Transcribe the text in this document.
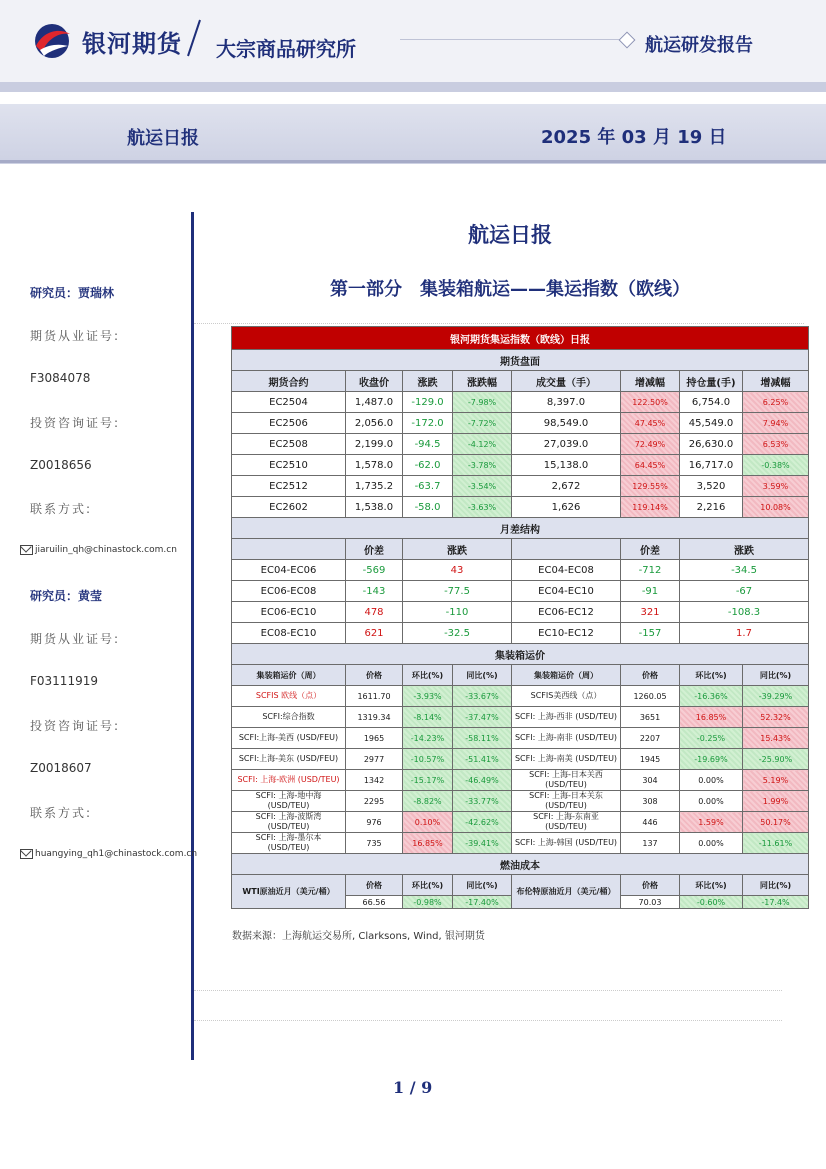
银河期货 大宗商品研究所	航运研发报告
航运日报	2025 年 03 月 19 日
研究员：贾瑞林
期货从业证号:
F3084078
投资咨询证号:
Z0018656
联系方式:
jiaruilin_qh@chinastock.com.cn
研究员：黄莹
期货从业证号:
F03111919
投资咨询证号:
Z0018607
联系方式:
huangying_qh1@chinastock.com.cn
航运日报
第一部分　集装箱航运——集运指数（欧线）
银河期货集运指数（欧线）日报							
期货盘面							
期货合约	收盘价	涨跌	涨跌幅	成交量（手）	增减幅	持仓量(手)	增减幅
EC2504	1,487.0	-129.0	-7.98%	8,397.0	122.50%	6,754.0	6.25%
EC2506	2,056.0	-172.0	-7.72%	98,549.0	47.45%	45,549.0	7.94%
EC2508	2,199.0	-94.5	-4.12%	27,039.0	72.49%	26,630.0	6.53%
EC2510	1,578.0	-62.0	-3.78%	15,138.0	64.45%	16,717.0	-0.38%
EC2512	1,735.2	-63.7	-3.54%	2,672	129.55%	3,520	3.59%
EC2602	1,538.0	-58.0	-3.63%	1,626	119.14%	2,216	10.08%
月差结构							
	价差	涨跌			价差	涨跌	
EC04-EC06	-569	43		EC04-EC08	-712	-34.5	
EC06-EC08	-143	-77.5		EC04-EC10	-91	-67	
EC06-EC10	478	-110		EC06-EC12	321	-108.3	
EC08-EC10	621	-32.5		EC10-EC12	-157	1.7	
集装箱运价							
集装箱运价（周）	价格	环比(%)	同比(%)	集装箱运价（周）	价格	环比(%)	同比(%)
SCFIS 欧线（点）	1611.70	-3.93%	-33.67%	SCFIS美西线（点）	1260.05	-16.36%	-39.29%
SCFI:综合指数	1319.34	-8.14%	-37.47%	SCFI: 上海-西非 (USD/TEU)	3651	16.85%	52.32%
SCFI:上海-美西 (USD/FEU)	1965	-14.23%	-58.11%	SCFI: 上海-南非 (USD/TEU)	2207	-0.25%	15.43%
SCFI:上海-美东 (USD/FEU)	2977	-10.57%	-51.41%	SCFI: 上海-南美 (USD/TEU)	1945	-19.69%	-25.90%
SCFI: 上海-欧洲 (USD/TEU)	1342	-15.17%	-46.49%	SCFI: 上海-日本关西 (USD/TEU)	304	0.00%	5.19%
SCFI: 上海-地中海 (USD/TEU)	2295	-8.82%	-33.77%	SCFI: 上海-日本关东 (USD/TEU)	308	0.00%	1.99%
SCFI: 上海-波斯湾 (USD/TEU)	976	0.10%	-42.62%	SCFI: 上海-东南亚 (USD/TEU)	446	1.59%	50.17%
SCFI: 上海-墨尔本 (USD/TEU)	735	16.85%	-39.41%	SCFI: 上海-韩国 (USD/TEU)	137	0.00%	-11.61%
燃油成本							
WTI原油近月（美元/桶）	价格	环比(%)	同比(%)	布伦特原油近月（美元/桶）	价格	环比(%)	同比(%)
	66.56	-0.98%	-17.40%		70.03	-0.60%	-17.4%
数据来源：上海航运交易所, Clarksons, Wind, 银河期货
1 / 9
